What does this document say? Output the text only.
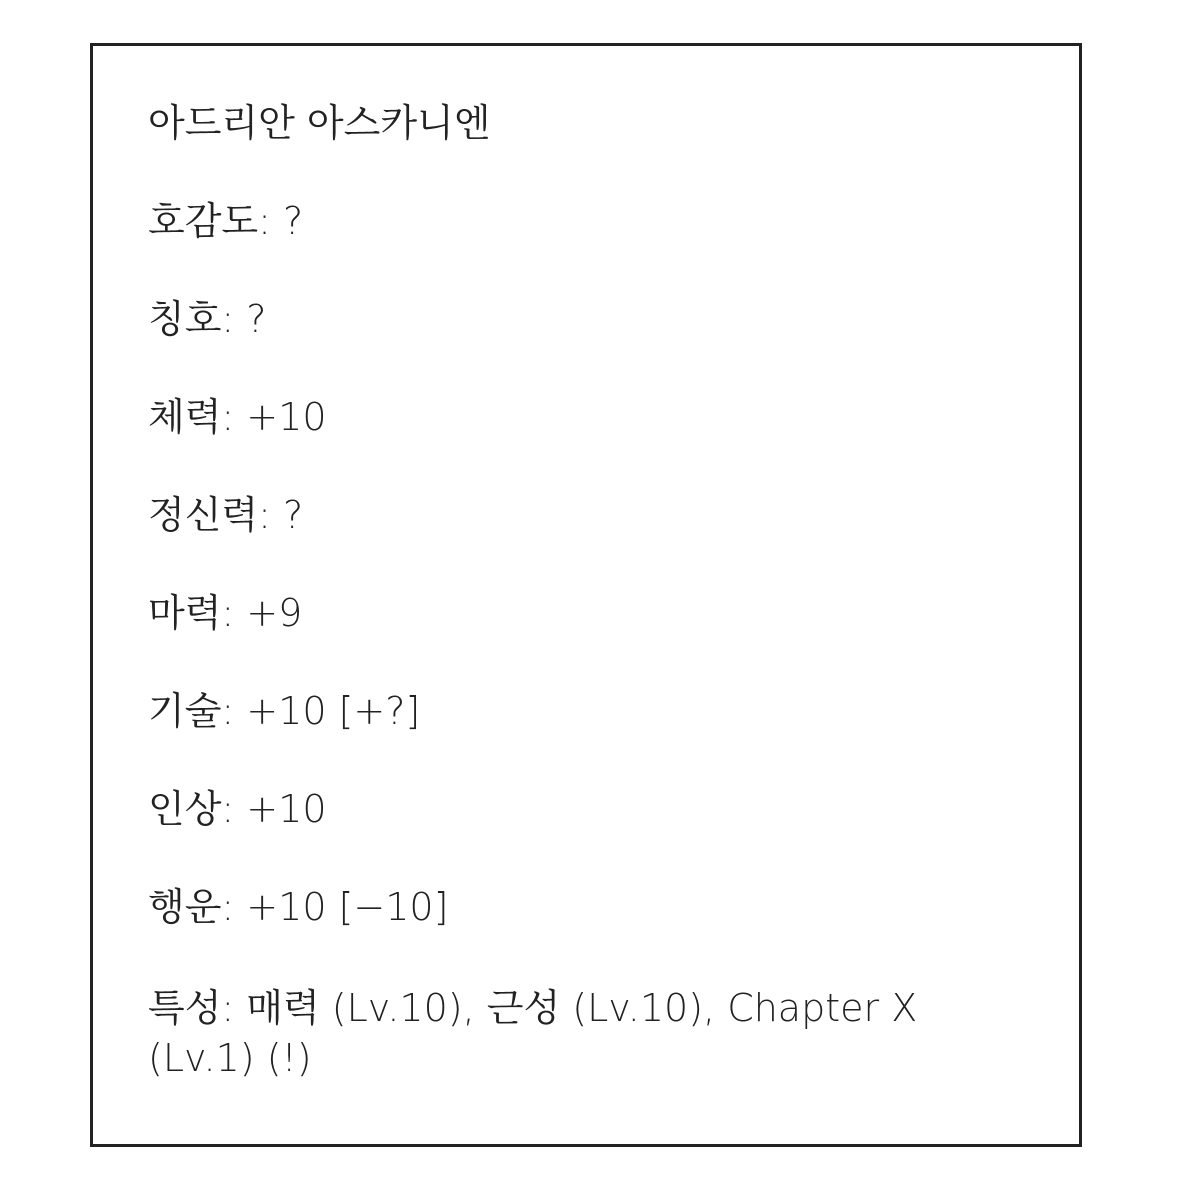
아드리안 아스카니엔
호감도: ?
칭호: ?
체력: +10
정신력: ?
마력: +9
기술: +10 [+?]
인상: +10
행운: +10 [−10]
특성: 매력 (Lv.10), 근성 (Lv.10), Chapter X (Lv.1) (!)
